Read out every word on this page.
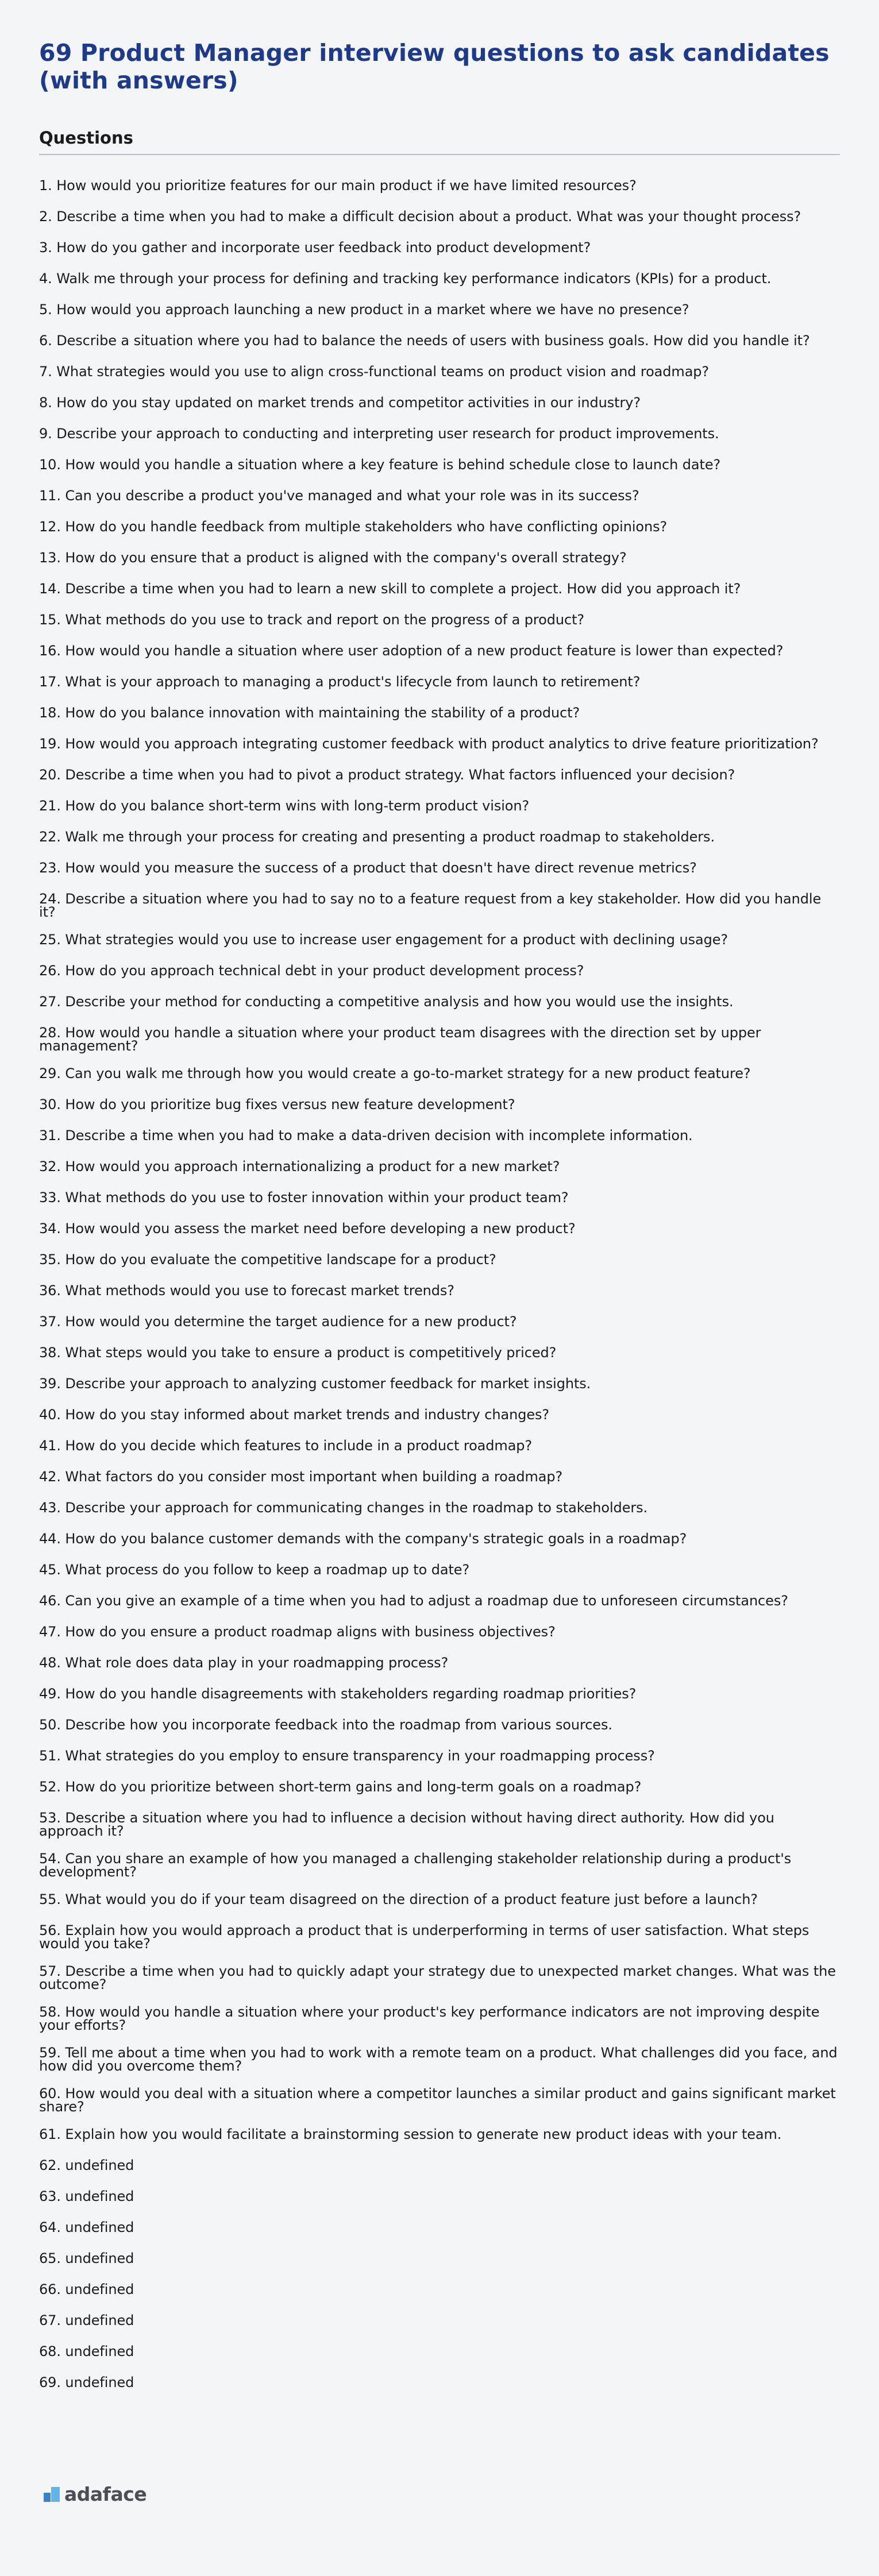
69 Product Manager interview questions to ask candidates (with answers)
Questions
1. How would you prioritize features for our main product if we have limited resources?
2. Describe a time when you had to make a difficult decision about a product. What was your thought process?
3. How do you gather and incorporate user feedback into product development?
4. Walk me through your process for defining and tracking key performance indicators (KPIs) for a product.
5. How would you approach launching a new product in a market where we have no presence?
6. Describe a situation where you had to balance the needs of users with business goals. How did you handle it?
7. What strategies would you use to align cross-functional teams on product vision and roadmap?
8. How do you stay updated on market trends and competitor activities in our industry?
9. Describe your approach to conducting and interpreting user research for product improvements.
10. How would you handle a situation where a key feature is behind schedule close to launch date?
11. Can you describe a product you've managed and what your role was in its success?
12. How do you handle feedback from multiple stakeholders who have conflicting opinions?
13. How do you ensure that a product is aligned with the company's overall strategy?
14. Describe a time when you had to learn a new skill to complete a project. How did you approach it?
15. What methods do you use to track and report on the progress of a product?
16. How would you handle a situation where user adoption of a new product feature is lower than expected?
17. What is your approach to managing a product's lifecycle from launch to retirement?
18. How do you balance innovation with maintaining the stability of a product?
19. How would you approach integrating customer feedback with product analytics to drive feature prioritization?
20. Describe a time when you had to pivot a product strategy. What factors influenced your decision?
21. How do you balance short-term wins with long-term product vision?
22. Walk me through your process for creating and presenting a product roadmap to stakeholders.
23. How would you measure the success of a product that doesn't have direct revenue metrics?
24. Describe a situation where you had to say no to a feature request from a key stakeholder. How did you handle it?
25. What strategies would you use to increase user engagement for a product with declining usage?
26. How do you approach technical debt in your product development process?
27. Describe your method for conducting a competitive analysis and how you would use the insights.
28. How would you handle a situation where your product team disagrees with the direction set by upper management?
29. Can you walk me through how you would create a go-to-market strategy for a new product feature?
30. How do you prioritize bug fixes versus new feature development?
31. Describe a time when you had to make a data-driven decision with incomplete information.
32. How would you approach internationalizing a product for a new market?
33. What methods do you use to foster innovation within your product team?
34. How would you assess the market need before developing a new product?
35. How do you evaluate the competitive landscape for a product?
36. What methods would you use to forecast market trends?
37. How would you determine the target audience for a new product?
38. What steps would you take to ensure a product is competitively priced?
39. Describe your approach to analyzing customer feedback for market insights.
40. How do you stay informed about market trends and industry changes?
41. How do you decide which features to include in a product roadmap?
42. What factors do you consider most important when building a roadmap?
43. Describe your approach for communicating changes in the roadmap to stakeholders.
44. How do you balance customer demands with the company's strategic goals in a roadmap?
45. What process do you follow to keep a roadmap up to date?
46. Can you give an example of a time when you had to adjust a roadmap due to unforeseen circumstances?
47. How do you ensure a product roadmap aligns with business objectives?
48. What role does data play in your roadmapping process?
49. How do you handle disagreements with stakeholders regarding roadmap priorities?
50. Describe how you incorporate feedback into the roadmap from various sources.
51. What strategies do you employ to ensure transparency in your roadmapping process?
52. How do you prioritize between short-term gains and long-term goals on a roadmap?
53. Describe a situation where you had to influence a decision without having direct authority. How did you approach it?
54. Can you share an example of how you managed a challenging stakeholder relationship during a product's development?
55. What would you do if your team disagreed on the direction of a product feature just before a launch?
56. Explain how you would approach a product that is underperforming in terms of user satisfaction. What steps would you take?
57. Describe a time when you had to quickly adapt your strategy due to unexpected market changes. What was the outcome?
58. How would you handle a situation where your product's key performance indicators are not improving despite your efforts?
59. Tell me about a time when you had to work with a remote team on a product. What challenges did you face, and how did you overcome them?
60. How would you deal with a situation where a competitor launches a similar product and gains significant market share?
61. Explain how you would facilitate a brainstorming session to generate new product ideas with your team.
62. undefined
63. undefined
64. undefined
65. undefined
66. undefined
67. undefined
68. undefined
69. undefined
adaface
